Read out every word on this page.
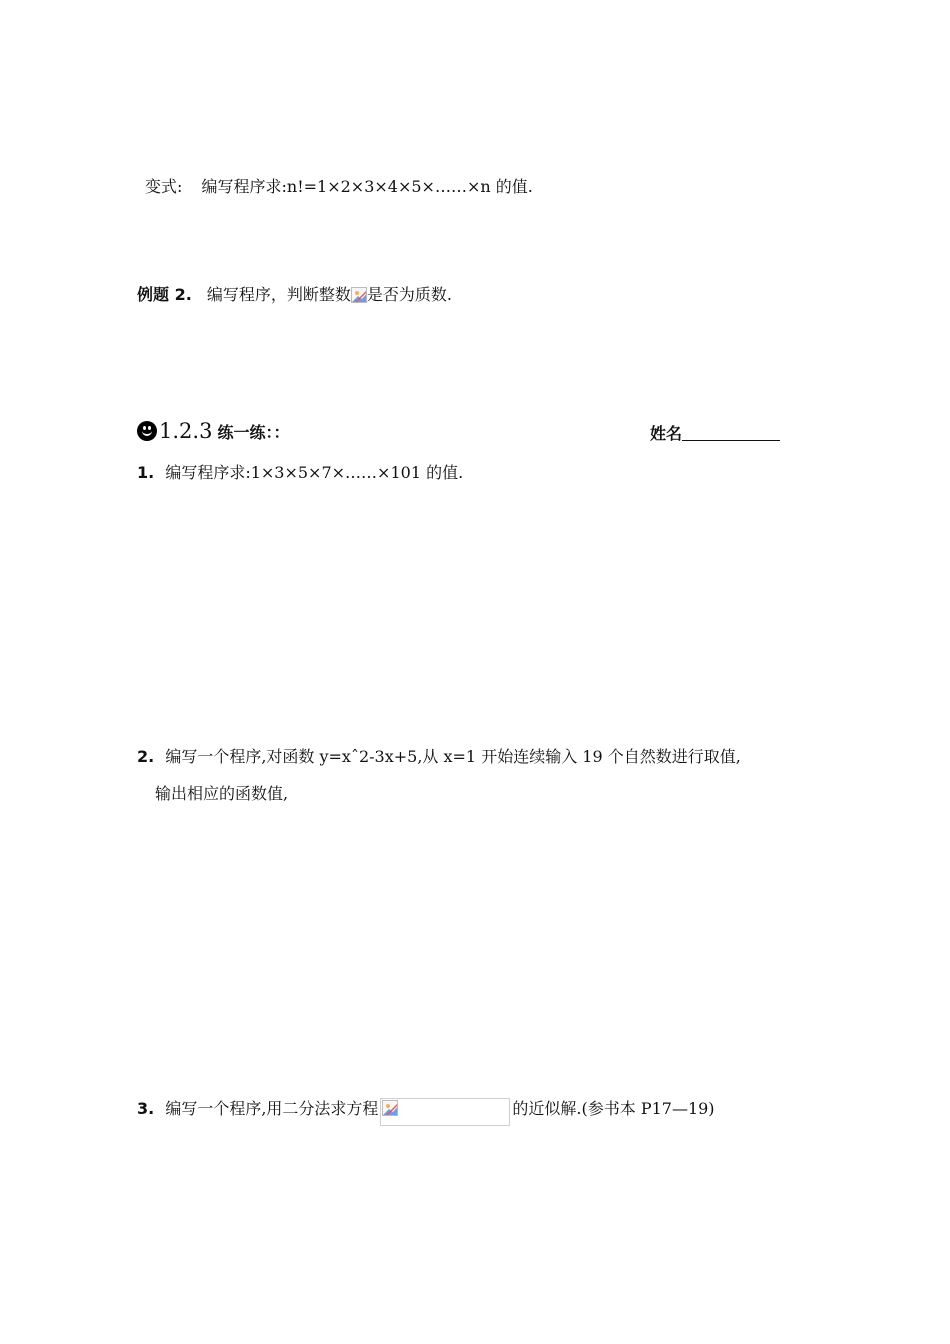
变式: 编写程序求:n!=1×2×3×4×5×……×n 的值.
例题 2. 编写程序，判断整数 是否为质数.
1.2.3 练一练：：	姓名
1. 编写程序求:1×3×5×7×……×101 的值.
2. 编写一个程序,对函数 y=xˆ2-3x+5,从 x=1 开始连续输入 19 个自然数进行取值,
输出相应的函数值,
3. 编写一个程序,用二分法求方程	的近似解.(参书本 P17—19)
